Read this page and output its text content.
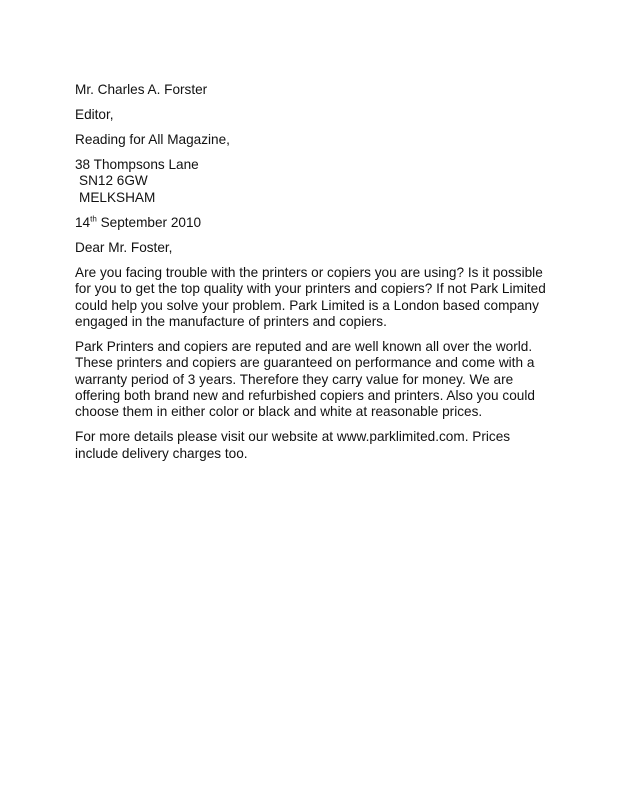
Mr. Charles A. Forster

Editor,

Reading for All Magazine,

38 Thompsons Lane
SN12 6GW
MELKSHAM

14th September 2010

Dear Mr. Foster,

Are you facing trouble with the printers or copiers you are using? Is it possible for you to get the top quality with your printers and copiers? If not Park Limited could help you solve your problem. Park Limited is a London based company engaged in the manufacture of printers and copiers.

Park Printers and copiers are reputed and are well known all over the world. These printers and copiers are guaranteed on performance and come with a warranty period of 3 years. Therefore they carry value for money. We are offering both brand new and refurbished copiers and printers. Also you could choose them in either color or black and white at reasonable prices.

For more details please visit our website at www.parklimited.com. Prices include delivery charges too.
